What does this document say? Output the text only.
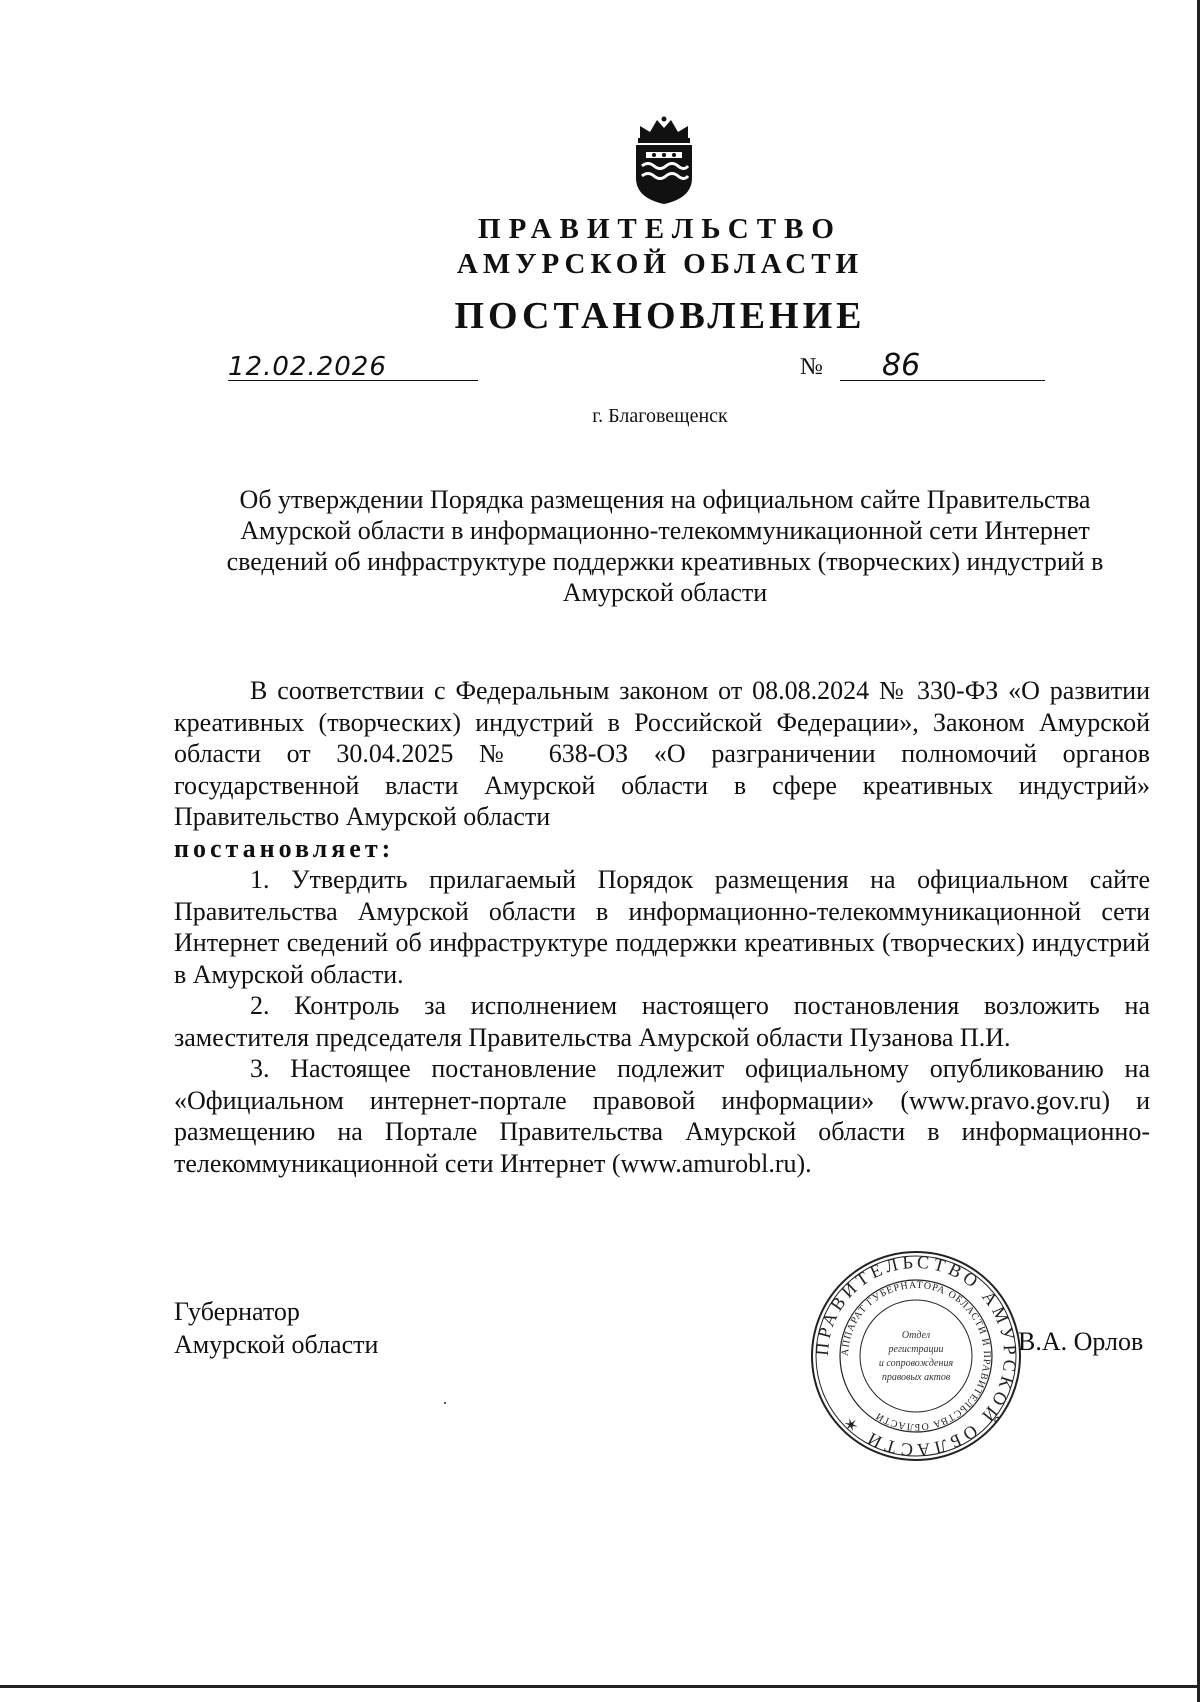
ПРАВИТЕЛЬСТВО
АМУРСКОЙ ОБЛАСТИ
ПОСТАНОВЛЕНИЕ
12.02.2026	№ 86
г. Благовещенск
Об утверждении Порядка размещения на официальном сайте Правительства Амурской области в информационно-телекоммуникационной сети Интернет сведений об инфраструктуре поддержки креативных (творческих) индустрий в Амурской области

В соответствии с Федеральным законом от 08.08.2024 № 330-ФЗ «О развитии креативных (творческих) индустрий в Российской Федерации», Законом Амурской области от 30.04.2025 № 638-ОЗ «О разграничении полномочий органов государственной власти Амурской области в сфере креативных индустрий» Правительство Амурской области

постановляет:

1. Утвердить прилагаемый Порядок размещения на официальном сайте Правительства Амурской области в информационно-телекоммуникационной сети Интернет сведений об инфраструктуре поддержки креативных (творческих) индустрий в Амурской области.

2. Контроль за исполнением настоящего постановления возложить на заместителя председателя Правительства Амурской области Пузанова П.И.

3. Настоящее постановление подлежит официальному опубликованию на «Официальном интернет-портале правовой информации» (www.pravo.gov.ru) и размещению на Портале Правительства Амурской области в информационно-телекоммуникационной сети Интернет (www.amurobl.ru).

Губернатор
Амурской области	ПРАВИТЕЛЬСТВО АМУРСКОЙ ОБЛАСТИ ✶
АППАРАТ ГУБЕРНАТОРА ОБЛАСТИ И ПРАВИТЕЛЬСТВА ОБЛАСТИ
Отдел
регистрации
и сопровождения
правовых актов
В.А. Орлов
